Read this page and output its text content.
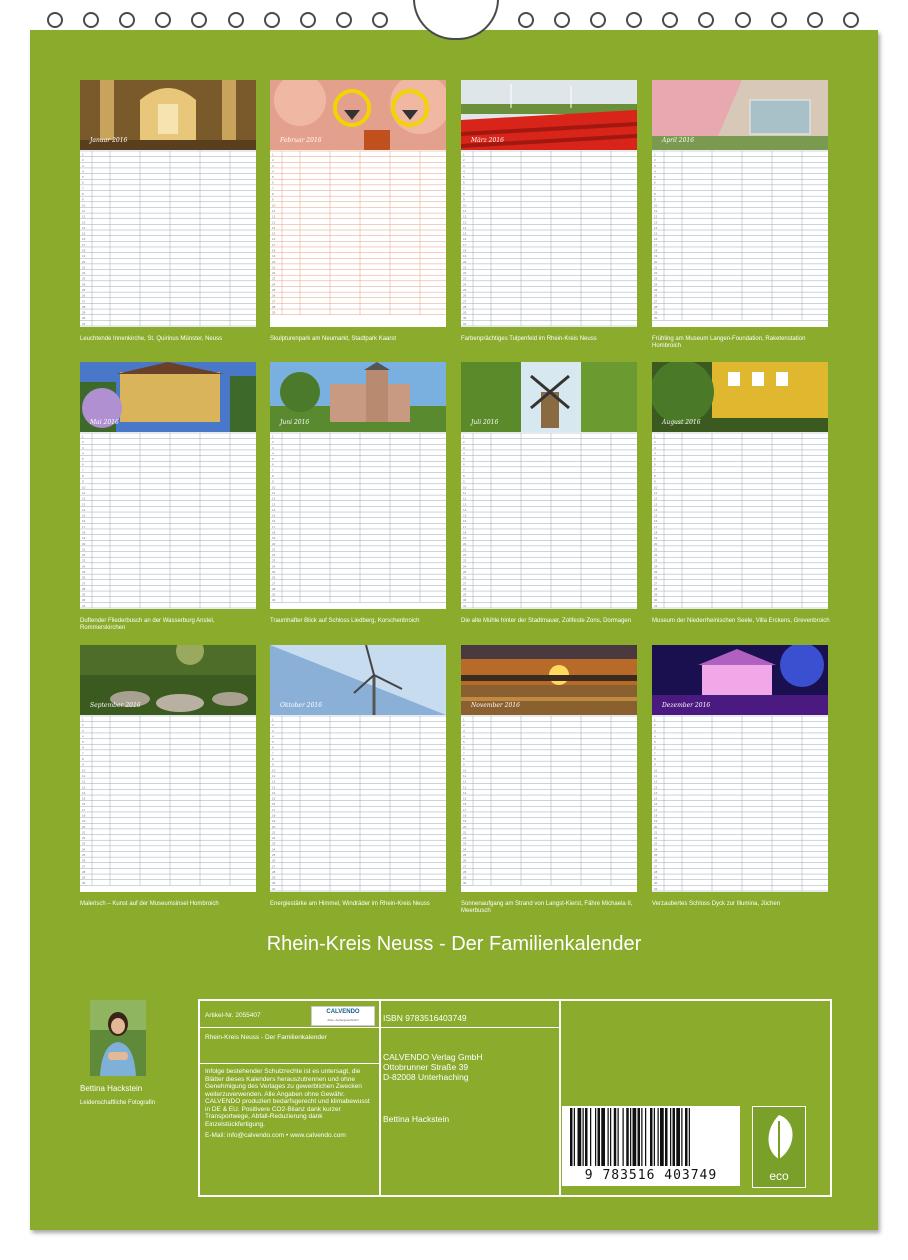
Januar 2016
1
2
3
4
5
6
7
8
9
10
11
12
13
14
15
16
17
18
19
20
21
22
23
24
25
26
27
28
29
30
31
Leuchtende Innenkirche, St. Quirinus Münster, Neuss
Februar 2016
1
2
3
4
5
6
7
8
9
10
11
12
13
14
15
16
17
18
19
20
21
22
23
24
25
26
27
28
29
Skulpturenpark am Neumarkt, Stadtpark Kaarst
März 2016
1
2
3
4
5
6
7
8
9
10
11
12
13
14
15
16
17
18
19
20
21
22
23
24
25
26
27
28
29
30
31
Farbenprächtiges Tulpenfeld im Rhein-Kreis Neuss
April 2016
1
2
3
4
5
6
7
8
9
10
11
12
13
14
15
16
17
18
19
20
21
22
23
24
25
26
27
28
29
30
Frühling am Museum Langen-Foundation, Raketenstation Hombroich
Mai 2016
1
2
3
4
5
6
7
8
9
10
11
12
13
14
15
16
17
18
19
20
21
22
23
24
25
26
27
28
29
30
31
Duftender Fliederbusch an der Wasserburg Anstel, Rommerskirchen
Juni 2016
1
2
3
4
5
6
7
8
9
10
11
12
13
14
15
16
17
18
19
20
21
22
23
24
25
26
27
28
29
30
Traumhafter Blick auf Schloss Liedberg, Korschenbroich
Juli 2016
1
2
3
4
5
6
7
8
9
10
11
12
13
14
15
16
17
18
19
20
21
22
23
24
25
26
27
28
29
30
31
Die alte Mühle hinter der Stadtmauer, Zollfeste Zons, Dormagen
August 2016
1
2
3
4
5
6
7
8
9
10
11
12
13
14
15
16
17
18
19
20
21
22
23
24
25
26
27
28
29
30
31
Museum der Niederrheinischen Seele, Villa Erckens, Grevenbroich
September 2016
1
2
3
4
5
6
7
8
9
10
11
12
13
14
15
16
17
18
19
20
21
22
23
24
25
26
27
28
29
30
Malerisch – Kunst auf der Museumsinsel Hombroich
Oktober 2016
1
2
3
4
5
6
7
8
9
10
11
12
13
14
15
16
17
18
19
20
21
22
23
24
25
26
27
28
29
30
31
Energiestärke am Himmel, Windräder im Rhein-Kreis Neuss
November 2016
1
2
3
4
5
6
7
8
9
10
11
12
13
14
15
16
17
18
19
20
21
22
23
24
25
26
27
28
29
30
Sonnenaufgang am Strand von Langst-Kierst, Fähre Michaela II, Meerbusch
Dezember 2016
1
2
3
4
5
6
7
8
9
10
11
12
13
14
15
16
17
18
19
20
21
22
23
24
25
26
27
28
29
30
31
Verzaubertes Schloss Dyck zur Illumina, Jüchen
Rhein-Kreis Neuss - Der Familienkalender
Bettina Hackstein
Leidenschaftliche Fotografin
Artikel-Nr. 2055407	CALVENDO
Alles. Außergewöhnlich
Rhein-Kreis Neuss - Der Familienkalender
Infolge bestehender Schutzrechte ist es untersagt, die Blätter dieses Kalenders herauszutrennen und ohne Genehmigung des Verlages zu gewerblichen Zwecken weiterzuverwenden. Alle Angaben ohne Gewähr. CALVENDO produziert bedarfsgerecht und klimabewusst in DE & EU. Positivere CO2-Bilanz dank kurzer Transportwege, Abfall-Reduzierung dank Einzelstückfertigung.
E-Mail: info@calvendo.com • www.calvendo.com
ISBN 9783516403749
CALVENDO Verlag GmbH
Ottobrunner Straße 39
D-82008 Unterhaching
Bettina Hackstein
9 783516 403749	eco
